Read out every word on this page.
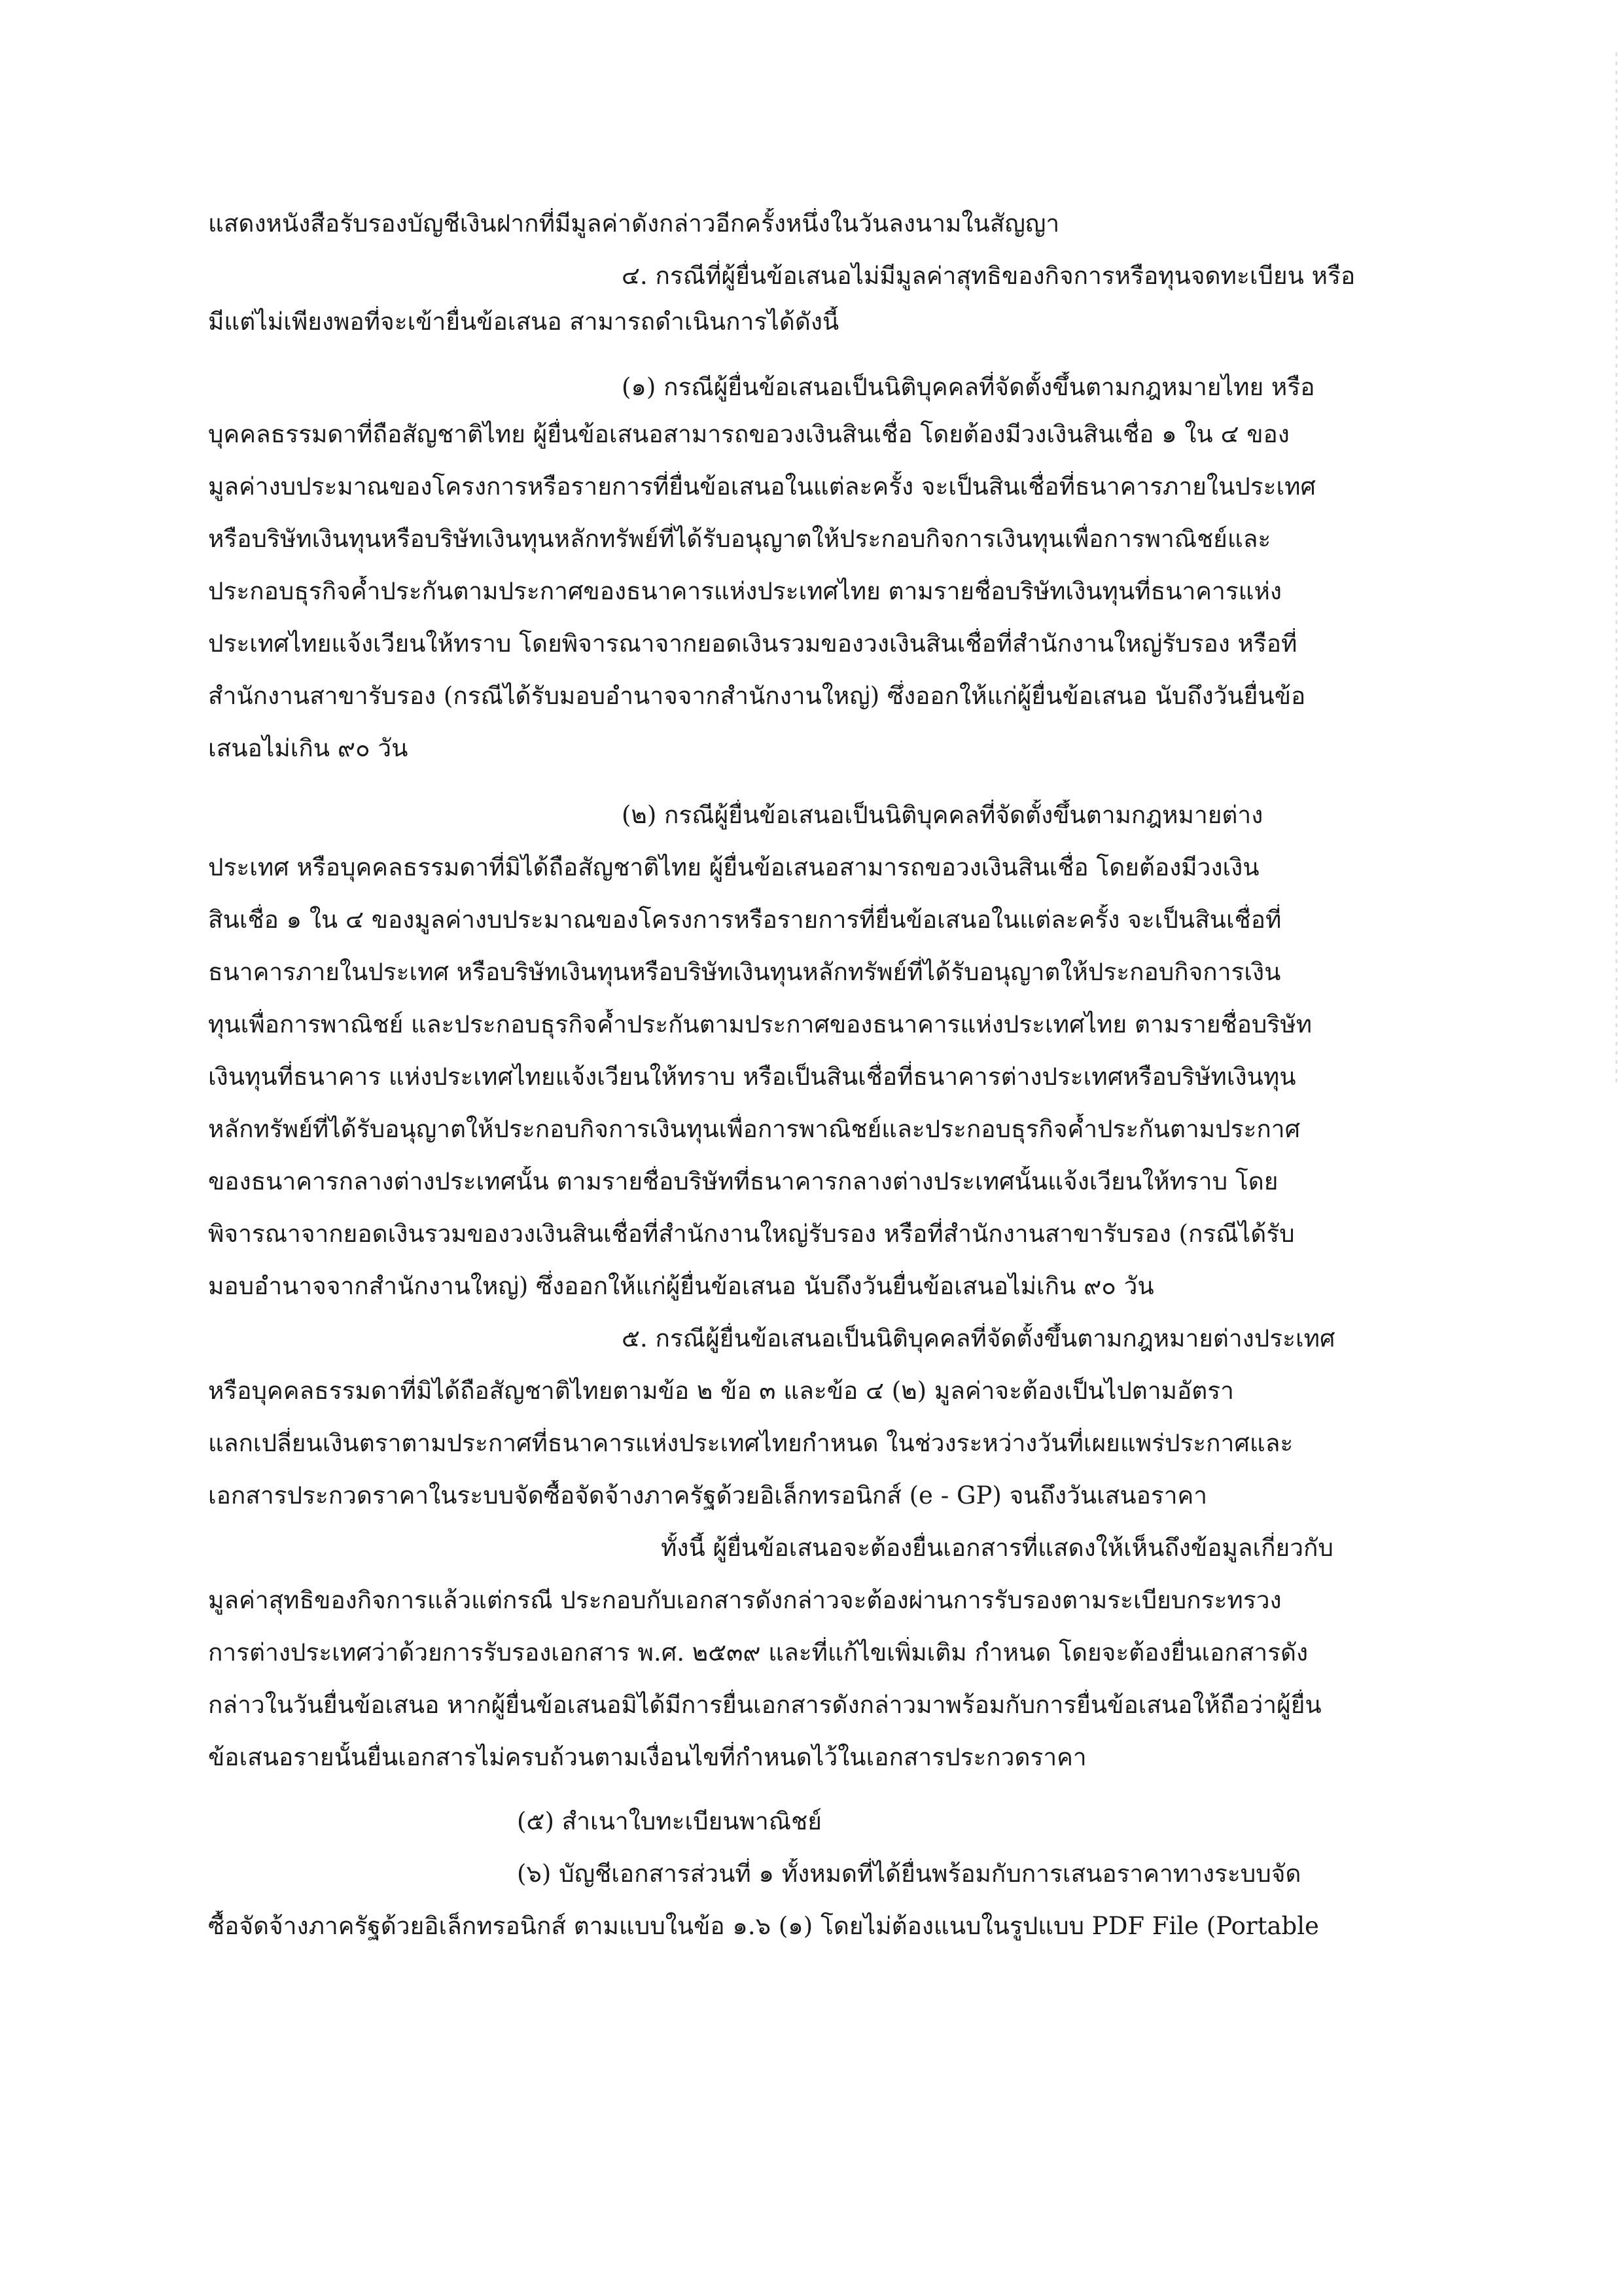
แสดงหนังสือรับรองบัญชีเงินฝากที่มีมูลค่าดังกล่าวอีกครั้งหนึ่งในวันลงนามในสัญญา
๔. กรณีที่ผู้ยื่นข้อเสนอไม่มีมูลค่าสุทธิของกิจการหรือทุนจดทะเบียน หรือ
มีแต่ไม่เพียงพอที่จะเข้ายื่นข้อเสนอ สามารถดำเนินการได้ดังนี้
(๑) กรณีผู้ยื่นข้อเสนอเป็นนิติบุคคลที่จัดตั้งขึ้นตามกฎหมายไทย หรือ
บุคคลธรรมดาที่ถือสัญชาติไทย ผู้ยื่นข้อเสนอสามารถขอวงเงินสินเชื่อ โดยต้องมีวงเงินสินเชื่อ ๑ ใน ๔ ของ
มูลค่างบประมาณของโครงการหรือรายการที่ยื่นข้อเสนอในแต่ละครั้ง จะเป็นสินเชื่อที่ธนาคารภายในประเทศ
หรือบริษัทเงินทุนหรือบริษัทเงินทุนหลักทรัพย์ที่ได้รับอนุญาตให้ประกอบกิจการเงินทุนเพื่อการพาณิชย์และ
ประกอบธุรกิจค้ำประกันตามประกาศของธนาคารแห่งประเทศไทย ตามรายชื่อบริษัทเงินทุนที่ธนาคารแห่ง
ประเทศไทยแจ้งเวียนให้ทราบ โดยพิจารณาจากยอดเงินรวมของวงเงินสินเชื่อที่สำนักงานใหญ่รับรอง หรือที่
สำนักงานสาขารับรอง (กรณีได้รับมอบอำนาจจากสำนักงานใหญ่) ซึ่งออกให้แก่ผู้ยื่นข้อเสนอ นับถึงวันยื่นข้อ
เสนอไม่เกิน ๙๐ วัน
(๒) กรณีผู้ยื่นข้อเสนอเป็นนิติบุคคลที่จัดตั้งขึ้นตามกฎหมายต่าง
ประเทศ หรือบุคคลธรรมดาที่มิได้ถือสัญชาติไทย ผู้ยื่นข้อเสนอสามารถขอวงเงินสินเชื่อ โดยต้องมีวงเงิน
สินเชื่อ ๑ ใน ๔ ของมูลค่างบประมาณของโครงการหรือรายการที่ยื่นข้อเสนอในแต่ละครั้ง จะเป็นสินเชื่อที่
ธนาคารภายในประเทศ หรือบริษัทเงินทุนหรือบริษัทเงินทุนหลักทรัพย์ที่ได้รับอนุญาตให้ประกอบกิจการเงิน
ทุนเพื่อการพาณิชย์ และประกอบธุรกิจค้ำประกันตามประกาศของธนาคารแห่งประเทศไทย ตามรายชื่อบริษัท
เงินทุนที่ธนาคาร แห่งประเทศไทยแจ้งเวียนให้ทราบ หรือเป็นสินเชื่อที่ธนาคารต่างประเทศหรือบริษัทเงินทุน
หลักทรัพย์ที่ได้รับอนุญาตให้ประกอบกิจการเงินทุนเพื่อการพาณิชย์และประกอบธุรกิจค้ำประกันตามประกาศ
ของธนาคารกลางต่างประเทศนั้น ตามรายชื่อบริษัทที่ธนาคารกลางต่างประเทศนั้นแจ้งเวียนให้ทราบ โดย
พิจารณาจากยอดเงินรวมของวงเงินสินเชื่อที่สำนักงานใหญ่รับรอง หรือที่สำนักงานสาขารับรอง (กรณีได้รับ
มอบอำนาจจากสำนักงานใหญ่) ซึ่งออกให้แก่ผู้ยื่นข้อเสนอ นับถึงวันยื่นข้อเสนอไม่เกิน ๙๐ วัน
๕. กรณีผู้ยื่นข้อเสนอเป็นนิติบุคคลที่จัดตั้งขึ้นตามกฎหมายต่างประเทศ
หรือบุคคลธรรมดาที่มิได้ถือสัญชาติไทยตามข้อ ๒ ข้อ ๓ และข้อ ๔ (๒) มูลค่าจะต้องเป็นไปตามอัตรา
แลกเปลี่ยนเงินตราตามประกาศที่ธนาคารแห่งประเทศไทยกำหนด ในช่วงระหว่างวันที่เผยแพร่ประกาศและ
เอกสารประกวดราคาในระบบจัดซื้อจัดจ้างภาครัฐด้วยอิเล็กทรอนิกส์ (e - GP) จนถึงวันเสนอราคา
ทั้งนี้ ผู้ยื่นข้อเสนอจะต้องยื่นเอกสารที่แสดงให้เห็นถึงข้อมูลเกี่ยวกับ
มูลค่าสุทธิของกิจการแล้วแต่กรณี ประกอบกับเอกสารดังกล่าวจะต้องผ่านการรับรองตามระเบียบกระทรวง
การต่างประเทศว่าด้วยการรับรองเอกสาร พ.ศ. ๒๕๓๙ และที่แก้ไขเพิ่มเติม กำหนด โดยจะต้องยื่นเอกสารดัง
กล่าวในวันยื่นข้อเสนอ หากผู้ยื่นข้อเสนอมิได้มีการยื่นเอกสารดังกล่าวมาพร้อมกับการยื่นข้อเสนอให้ถือว่าผู้ยื่น
ข้อเสนอรายนั้นยื่นเอกสารไม่ครบถ้วนตามเงื่อนไขที่กำหนดไว้ในเอกสารประกวดราคา
(๕) สำเนาใบทะเบียนพาณิชย์
(๖) บัญชีเอกสารส่วนที่ ๑ ทั้งหมดที่ได้ยื่นพร้อมกับการเสนอราคาทางระบบจัด
ซื้อจัดจ้างภาครัฐด้วยอิเล็กทรอนิกส์ ตามแบบในข้อ ๑.๖ (๑) โดยไม่ต้องแนบในรูปแบบ PDF File (Portable
